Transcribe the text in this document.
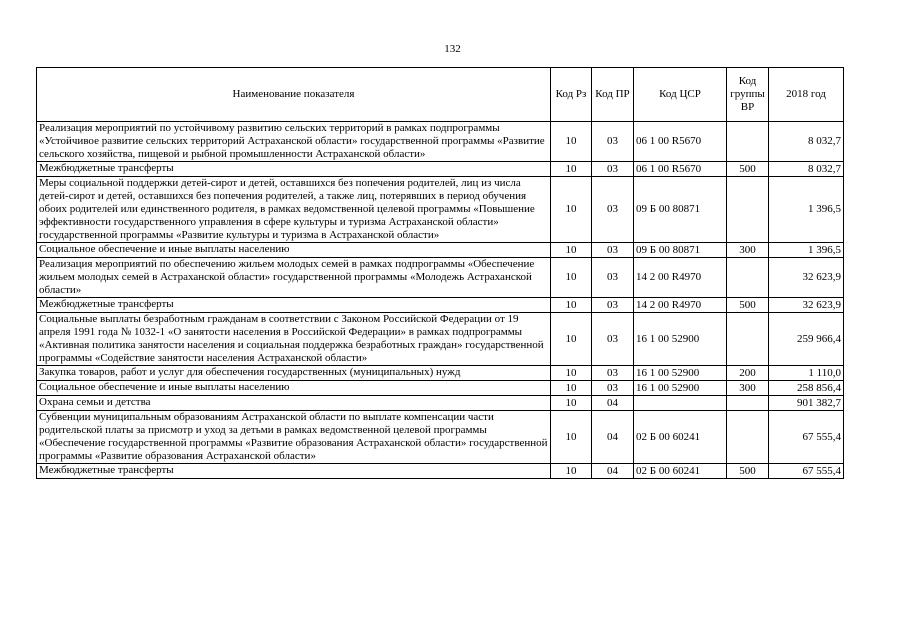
132
Наименование показателя	Код Рз	Код ПР	Код ЦСР	Код группы ВР	2018 год
Реализация мероприятий по устойчивому развитию сельских территорий в рамках подпрограммы «Устойчивое развитие сельских территорий Астраханской области» государственной программы «Развитие сельского хозяйства, пищевой и рыбной промышленности Астраханской области»	10	03	06 1 00 R5670		8 032,7
Межбюджетные трансферты	10	03	06 1 00 R5670	500	8 032,7
Меры социальной поддержки детей-сирот и детей, оставшихся без попечения родителей, лиц из числа детей-сирот и детей, оставшихся без попечения родителей, а также лиц, потерявших в период обучения обоих родителей или единственного родителя, в рамках ведомственной целевой программы «Повышение эффективности государственного управления в сфере культуры и туризма Астраханской области» государственной программы «Развитие культуры и туризма в Астраханской области»	10	03	09 Б 00 80871		1 396,5
Социальное обеспечение и иные выплаты населению	10	03	09 Б 00 80871	300	1 396,5
Реализация мероприятий по обеспечению жильем молодых семей в рамках подпрограммы «Обеспечение жильем молодых семей в Астраханской области» государственной программы «Молодежь Астраханской области»	10	03	14 2 00 R4970		32 623,9
Межбюджетные трансферты	10	03	14 2 00 R4970	500	32 623,9
Социальные выплаты безработным гражданам в соответствии с Законом Российской Федерации от 19 апреля 1991 года № 1032-1 «О занятости населения в Российской Федерации» в рамках подпрограммы «Активная политика занятости населения и социальная поддержка безработных граждан» государственной программы «Содействие занятости населения Астраханской области»	10	03	16 1 00 52900		259 966,4
Закупка товаров, работ и услуг для обеспечения государственных (муниципальных) нужд	10	03	16 1 00 52900	200	1 110,0
Социальное обеспечение и иные выплаты населению	10	03	16 1 00 52900	300	258 856,4
Охрана семьи и детства	10	04			901 382,7
Субвенции муниципальным образованиям Астраханской области по выплате компенсации части родительской платы за присмотр и уход за детьми в рамках ведомственной целевой программы «Обеспечение государственной программы «Развитие образования Астраханской области» государственной программы «Развитие образования Астраханской области»	10	04	02 Б 00 60241		67 555,4
Межбюджетные трансферты	10	04	02 Б 00 60241	500	67 555,4
